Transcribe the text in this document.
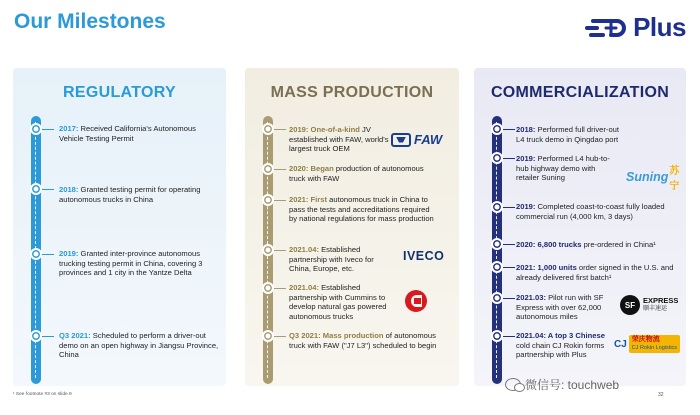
Our Milestones	Plus
REGULATORY
2017: Received California's Autonomous Vehicle Testing Permit
2018: Granted testing permit for operating autonomous trucks in China
2019: Granted inter-province autonomous trucking testing permit in China, covering 3 provinces and 1 city in the Yantze Delta
Q3 2021: Scheduled to perform a driver-out demo on an open highway in Jiangsu Province, China
MASS PRODUCTION
2019: One-of-a-kind JV established with FAW, world's largest truck OEM
2020: Began production of autonomous truck with FAW
2021: First autonomous truck in China to pass the tests and accreditations required by national regulations for mass production
2021.04: Established partnership with Iveco for China, Europe, etc.
2021.04: Established partnership with Cummins to develop natural gas powered autonomous trucks
Q3 2021: Mass production of autonomous truck with FAW ("J7 L3") scheduled to begin
FAW
IVECO
COMMERCIALIZATION
2018: Performed full driver-out L4 truck demo in Qingdao port
2019: Performed L4 hub-to-hub highway demo with retailer Suning
2019: Completed coast-to-coast fully loaded commercial run (4,000 km, 3 days)
2020: 6,800 trucks pre-ordered in China¹
2021: 1,000 units order signed in the U.S. and already delivered first batch¹
2021.03: Pilot run with SF Express with over 62,000 autonomous miles
2021.04: A top 3 Chinese cold chain CJ Rokin forms partnership with Plus
Suning 苏宁
SF	EXPRESS
顺丰速运
CJ 荣庆物流
CJ Rokin Logistics
¹ See footnote #3 on slide 9	32
微信号: touchweb
